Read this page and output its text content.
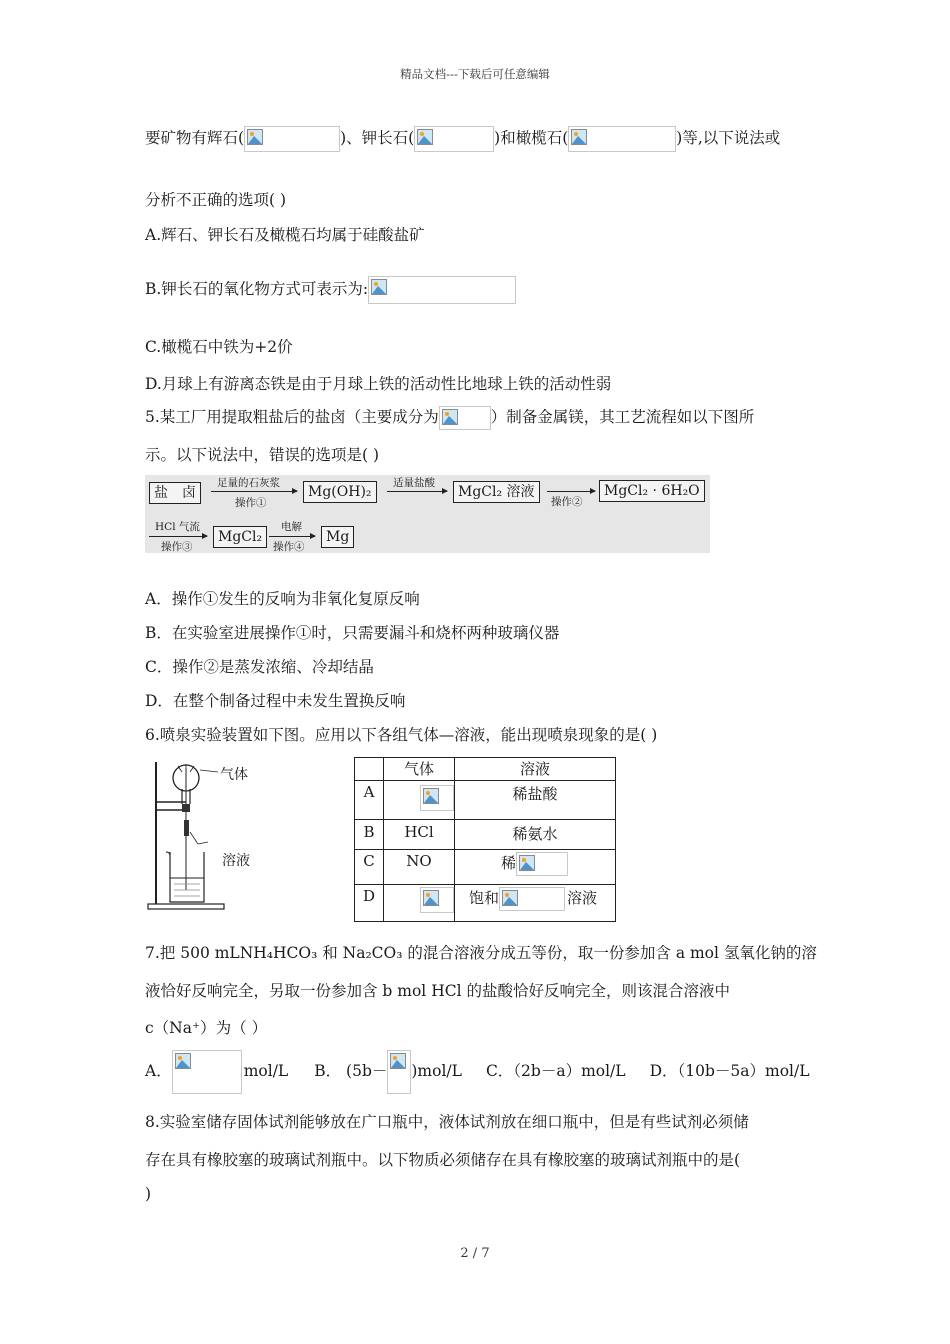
精品文档---下载后可任意编辑
2 / 7
要矿物有辉石(	)、钾长石(	)和橄榄石(	)等,以下说法或
分析不正确的选项( )
A.辉石、钾长石及橄榄石均属于硅酸盐矿
B.钾长石的氧化物方式可表示为:
C.橄榄石中铁为+2价
D.月球上有游离态铁是由于月球上铁的活动性比地球上铁的活动性弱
5.某工厂用提取粗盐后的盐卤（主要成分为	）制备金属镁，其工艺流程如以下图所
示。以下说法中，错误的选项是( )
盐　卤
足量的石灰浆
操作①
Mg(OH)₂
适量盐酸
MgCl₂ 溶液
操作②
MgCl₂ · 6H₂O
HCl 气流
操作③
MgCl₂
电解
操作④
Mg
A．操作①发生的反响为非氧化复原反响
B．在实验室进展操作①时，只需要漏斗和烧杯两种玻璃仪器
C．操作②是蒸发浓缩、冷却结晶
D．在整个制备过程中未发生置换反响
6.喷泉实验装置如下图。应用以下各组气体—溶液，能出现喷泉现象的是( )
气体
溶液
	气体	溶液
A		稀盐酸
B	HCl	稀氨水
C	NO	稀

D		饱和 溶液
7.把 500 mLNH₄HCO₃ 和 Na₂CO₃ 的混合溶液分成五等份，取一份参加含 a mol 氢氧化钠的溶
液恰好反响完全，另取一份参加含 b mol HCl 的盐酸恰好反响完全，则该混合溶液中
c（Na⁺）为（ ）
A．	mol/L B． (5b－ )mol/L C．（2b－a）mol/L D．（10b－5a）mol/L
8.实验室储存固体试剂能够放在广口瓶中，液体试剂放在细口瓶中，但是有些试剂必须储
存在具有橡胶塞的玻璃试剂瓶中。以下物质必须储存在具有橡胶塞的玻璃试剂瓶中的是(
)
